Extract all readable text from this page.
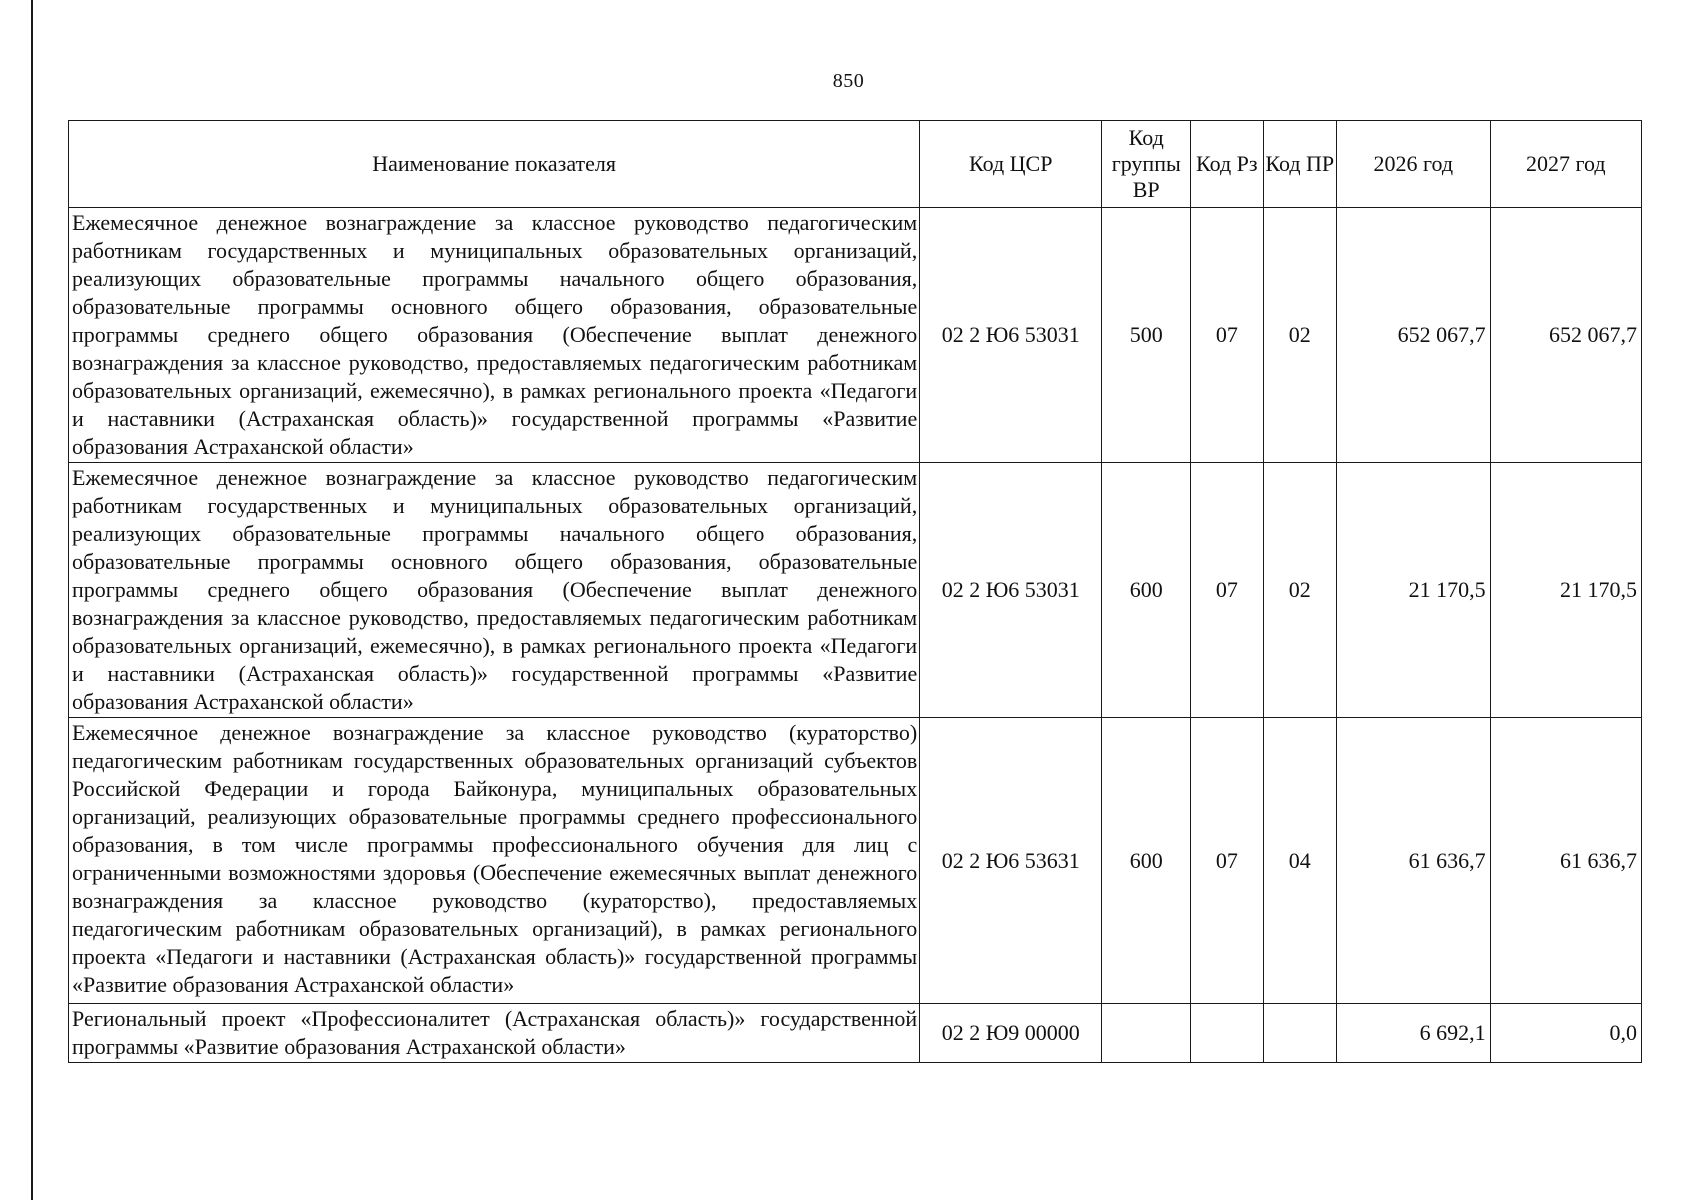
850
Наименование показателя	Код ЦСР	Код группы ВР	Код Рз	Код ПР	2026 год	2027 год

Ежемесячное денежное вознаграждение за классное руководство педагогическим работникам государственных и муниципальных образовательных организаций, реализующих образовательные программы начального общего образования, образовательные программы основного общего образования, образовательные программы среднего общего образования (Обеспечение выплат денежного вознаграждения за классное руководство, предоставляемых педагогическим работникам образовательных организаций, ежемесячно), в рамках регионального проекта «Педагоги и наставники (Астраханская область)» государственной программы «Развитие образования Астраханской области»	02 2 Ю6 53031	500	07	02	652 067,7	652 067,7

Ежемесячное денежное вознаграждение за классное руководство педагогическим работникам государственных и муниципальных образовательных организаций, реализующих образовательные программы начального общего образования, образовательные программы основного общего образования, образовательные программы среднего общего образования (Обеспечение выплат денежного вознаграждения за классное руководство, предоставляемых педагогическим работникам образовательных организаций, ежемесячно), в рамках регионального проекта «Педагоги и наставники (Астраханская область)» государственной программы «Развитие образования Астраханской области»	02 2 Ю6 53031	600	07	02	21 170,5	21 170,5

Ежемесячное денежное вознаграждение за классное руководство (кураторство) педагогическим работникам государственных образовательных организаций субъектов Российской Федерации и города Байконура, муниципальных образовательных организаций, реализующих образовательные программы среднего профессионального образования, в том числе программы профессионального обучения для лиц с ограниченными возможностями здоровья (Обеспечение ежемесячных выплат денежного вознаграждения за классное руководство (кураторство), предоставляемых педагогическим работникам образовательных организаций), в рамках регионального проекта «Педагоги и наставники (Астраханская область)» государственной программы «Развитие образования Астраханской области»	02 2 Ю6 53631	600	07	04	61 636,7	61 636,7

Региональный проект «Профессионалитет (Астраханская область)» государственной программы «Развитие образования Астраханской области»	02 2 Ю9 00000				6 692,1	0,0
